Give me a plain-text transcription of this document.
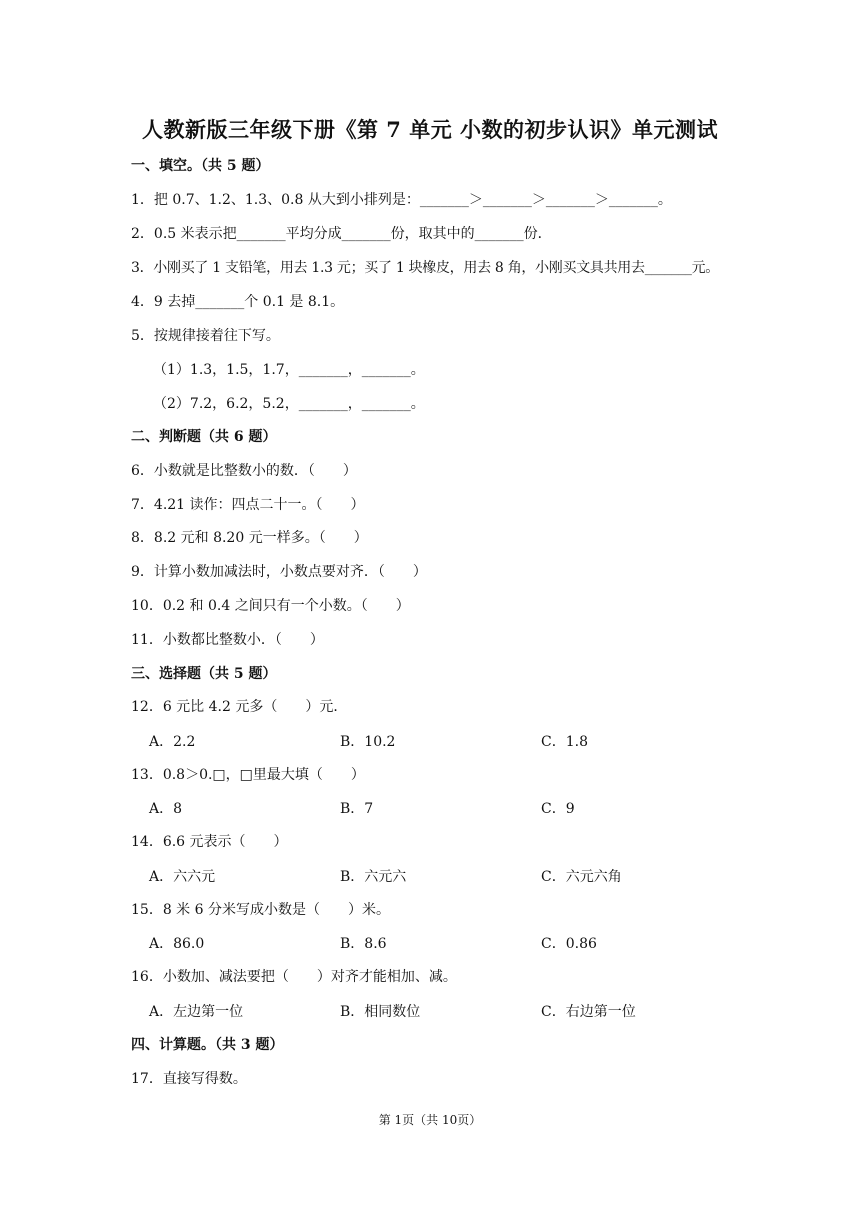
人教新版三年级下册《第 7 单元 小数的初步认识》单元测试
一、填空。（共 5 题）
1．把 0.7、1.2、1.3、0.8 从大到小排列是：_______＞_______＞_______＞_______。
2．0.5 米表示把_______平均分成_______份，取其中的_______份．
3．小刚买了 1 支铅笔，用去 1.3 元；买了 1 块橡皮，用去 8 角，小刚买文具共用去_______元。
4．9 去掉_______个 0.1 是 8.1。
5．按规律接着往下写。
（1）1.3，1.5，1.7，_______，_______。
（2）7.2，6.2，5.2，_______，_______。
二、判断题（共 6 题）
6．小数就是比整数小的数．（　　）
7．4.21 读作：四点二十一。（　　）
8．8.2 元和 8.20 元一样多。（　　）
9．计算小数加减法时，小数点要对齐．（　　）
10．0.2 和 0.4 之间只有一个小数。（　　）
11．小数都比整数小．（　　）
三、选择题（共 5 题）
12．6 元比 4.2 元多（　　）元．
A．2.2	B．10.2	C．1.8
13．0.8＞0.□，□里最大填（　　）
A．8	B．7	C．9
14．6.6 元表示（　　）
A．六六元	B．六元六	C．六元六角
15．8 米 6 分米写成小数是（　　）米。
A．86.0	B．8.6	C．0.86
16．小数加、减法要把（　　）对齐才能相加、减。
A．左边第一位	B．相同数位	C．右边第一位
四、计算题。（共 3 题）
17．直接写得数。
第 1页（共 10页）
